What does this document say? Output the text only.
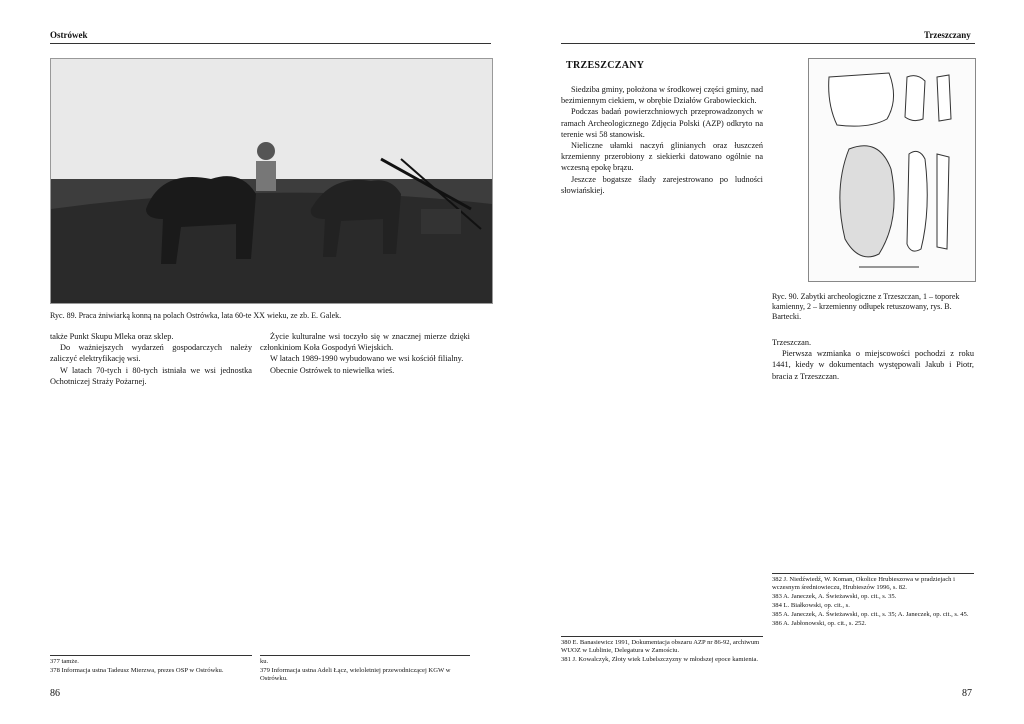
Ostrówek
Ryc. 89. Praca żniwiarką konną na polach Ostrówka, lata 60-te XX wieku, ze zb. E. Galek.

także Punkt Skupu Mleka oraz sklep.

Do ważniejszych wydarzeń gospodarczych należy zaliczyć elektryfikację wsi.

W latach 70-tych i 80-tych istniała we wsi jednostka Ochotniczej Straży Pożarnej.

Życie kulturalne wsi toczyło się w znacznej mierze dzięki członkiniom Koła Gospodyń Wiejskich.

W latach 1989-1990 wybudowano we wsi kościół filialny.

Obecnie Ostrówek to niewielka wieś.

377 tamże.
378 Informacja ustna Tadeusz Mierzwa, prezes OSP w Ostrówku.
ku.
379 Informacja ustna Adeli Łącz, wieloletniej przewodniczącej KGW w Ostrówku.
86
Trzeszczany
TRZESZCZANY

Siedziba gminy, położona w środkowej części gminy, nad bezimiennym ciekiem, w obrębie Działów Grabowieckich.

Podczas badań powierzchniowych przeprowadzonych w ramach Archeologicznego Zdjęcia Polski (AZP) odkryto na terenie wsi 58 stanowisk.

Nieliczne ułamki naczyń glinianych oraz łuszczeń krzemienny przerobiony z siekierki datowano ogólnie na wczesną epokę brązu.

Jeszcze bogatsze ślady zarejestrowano po ludności słowiańskiej.

Ryc. 90. Zabytki archeologiczne z Trzeszczan, 1 – toporek kamienny, 2 – krzemienny odłupek retuszowany, rys. B. Bartecki.

Trzeszczan.

Pierwsza wzmianka o miejscowości pochodzi z roku 1441, kiedy w dokumentach występowali Jakub i Piotr, bracia z Trzeszczan.

380 E. Banasiewicz 1991, Dokumentacja obszaru AZP nr 86-92, archiwum WUOZ w Lublinie, Delegatura w Zamościu.
381 J. Kowalczyk, Złoty wiek Lubelszczyzny w młodszej epoce kamienia.
382 J. Niedźwiedź, W. Koman, Okolice Hrubieszowa w pradziejach i wczesnym średniowieczu, Hrubieszów 1996, s. 82.
383 A. Janeczek, A. Świeżawski, op. cit., s. 35.
384 L. Białkowski, op. cit., s.
385 A. Janeczek, A. Świeżawski, op. cit., s. 35; A. Janeczek, op. cit., s. 45.
386 A. Jabłonowski, op. cit., s. 252.
87
